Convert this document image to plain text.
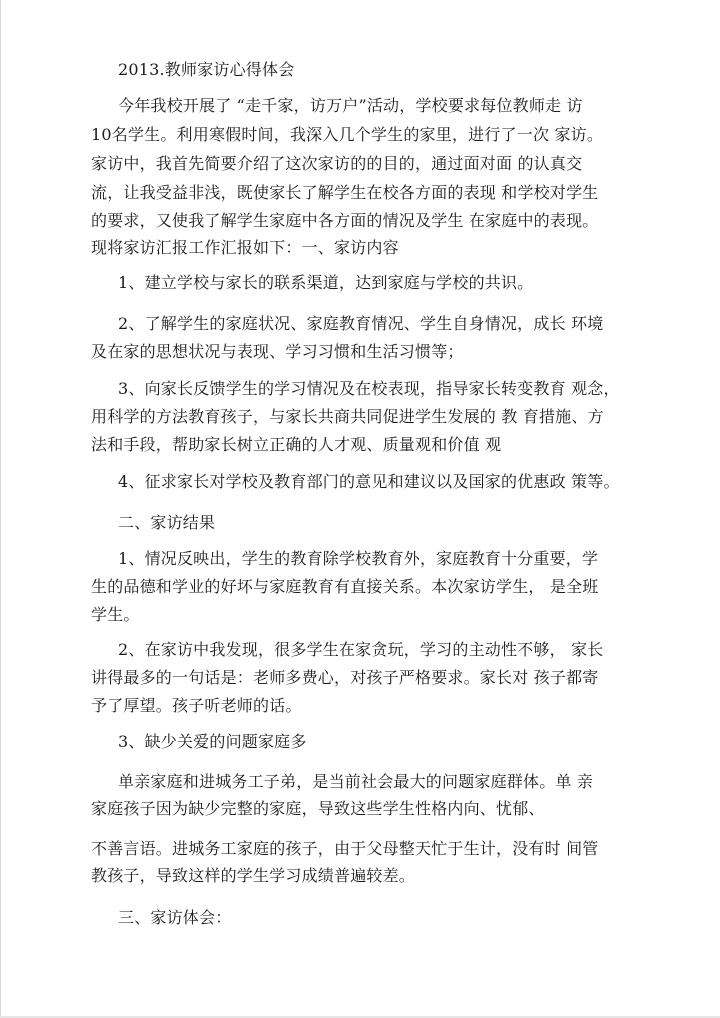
2013.教师家访心得体会
今年我校开展了 “走千家，访万户”活动，学校要求每位教师走 访
10名学生。利用寒假时间，我深入几个学生的家里，进行了一次 家访。
家访中，我首先简要介绍了这次家访的的目的，通过面对面 的认真交
流，让我受益非浅，既使家长了解学生在校各方面的表现 和学校对学生
的要求，又使我了解学生家庭中各方面的情况及学生 在家庭中的表现。
现将家访汇报工作汇报如下：一、家访内容
1、建立学校与家长的联系渠道，达到家庭与学校的共识。
2、了解学生的家庭状况、家庭教育情况、学生自身情况，成长 环境
及在家的思想状况与表现、学习习惯和生活习惯等；
3、向家长反馈学生的学习情况及在校表现，指导家长转变教育 观念，
用科学的方法教育孩子，与家长共商共同促进学生发展的 教 育措施、方
法和手段，帮助家长树立正确的人才观、质量观和价值 观
4、征求家长对学校及教育部门的意见和建议以及国家的优惠政 策等。
二、家访结果
1、情况反映出，学生的教育除学校教育外，家庭教育十分重要，学
生的品德和学业的好坏与家庭教育有直接关系。本次家访学生， 是全班
学生。
2、在家访中我发现，很多学生在家贪玩，学习的主动性不够， 家长
讲得最多的一句话是：老师多费心，对孩子严格要求。家长对 孩子都寄
予了厚望。孩子听老师的话。
3、缺少关爱的问题家庭多
单亲家庭和进城务工子弟，是当前社会最大的问题家庭群体。单 亲
家庭孩子因为缺少完整的家庭，导致这些学生性格内向、忧郁、
不善言语。进城务工家庭的孩子，由于父母整天忙于生计，没有时 间管
教孩子，导致这样的学生学习成绩普遍较差。
三、家访体会：
